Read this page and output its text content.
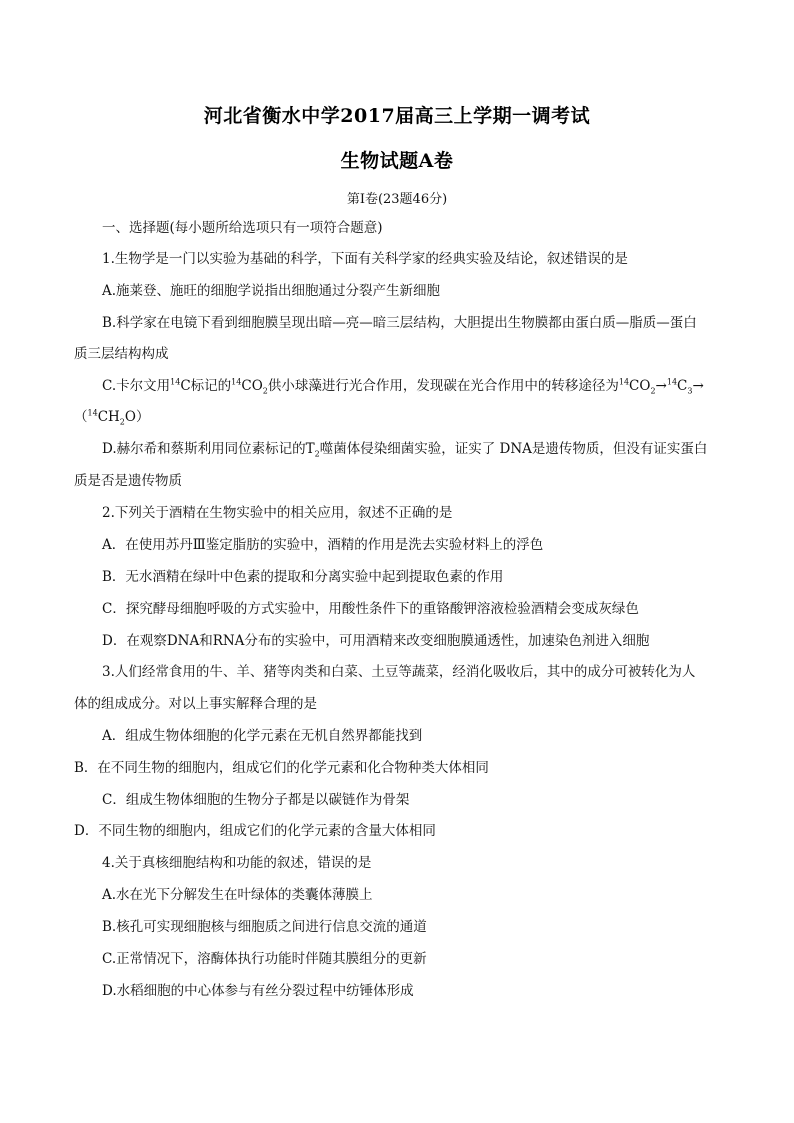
河北省衡水中学2017届高三上学期一调考试
生物试题A卷
第Ⅰ卷(23题46分)
一、选择题(每小题所给选项只有一项符合题意)
1.生物学是一门以实验为基础的科学，下面有关科学家的经典实验及结论，叙述错误的是
A.施莱登、施旺的细胞学说指出细胞通过分裂产生新细胞
B.科学家在电镜下看到细胞膜呈现出暗—亮—暗三层结构，大胆提出生物膜都由蛋白质—脂质—蛋白
质三层结构构成
C.卡尔文用$^{14}$C标记的$^{14}CO_2$供小球藻进行光合作用，发现碳在光合作用中的转移途径为$^{14}CO_2\to^{14}C_3\to$
$(^{14}CH_2O)$
D.赫尔希和蔡斯利用同位素标记的$T_2$噬菌体侵染细菌实验，证实了 DNA是遗传物质，但没有证实蛋白
质是否是遗传物质
2.下列关于酒精在生物实验中的相关应用，叙述不正确的是
A．在使用苏丹Ⅲ鉴定脂肪的实验中，酒精的作用是洗去实验材料上的浮色
B．无水酒精在绿叶中色素的提取和分离实验中起到提取色素的作用
C．探究酵母细胞呼吸的方式实验中，用酸性条件下的重铬酸钾溶液检验酒精会变成灰绿色
D．在观察DNA和RNA分布的实验中，可用酒精来改变细胞膜通透性，加速染色剂进入细胞
3.人们经常食用的牛、羊、猪等肉类和白菜、土豆等蔬菜，经消化吸收后，其中的成分可被转化为人
体的组成成分。对以上事实解释合理的是
A．组成生物体细胞的化学元素在无机自然界都能找到
B．在不同生物的细胞内，组成它们的化学元素和化合物种类大体相同
C．组成生物体细胞的生物分子都是以碳链作为骨架
D．不同生物的细胞内，组成它们的化学元素的含量大体相同
4.关于真核细胞结构和功能的叙述，错误的是
A.水在光下分解发生在叶绿体的类囊体薄膜上
B.核孔可实现细胞核与细胞质之间进行信息交流的通道
C.正常情况下，溶酶体执行功能时伴随其膜组分的更新
D.水稻细胞的中心体参与有丝分裂过程中纺锤体形成
